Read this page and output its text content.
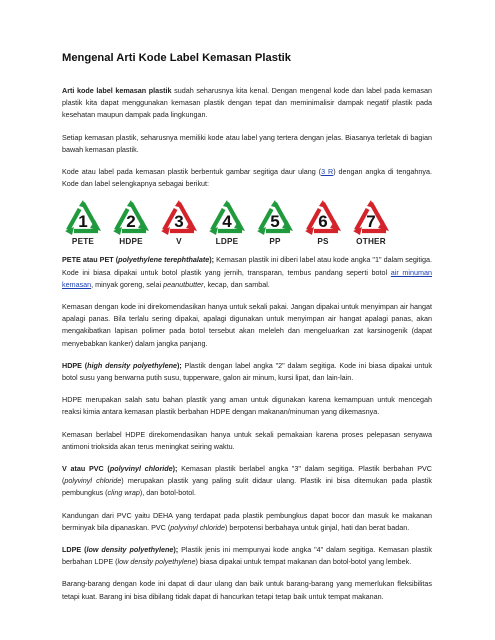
Mengenal Arti Kode Label Kemasan Plastik

Arti kode label kemasan plastik sudah seharusnya kita kenal. Dengan mengenal kode dan label pada kemasan plastik kita dapat menggunakan kemasan plastik dengan tepat dan meminimalisir dampak negatif plastik pada kesehatan maupun dampak pada lingkungan.

Setiap kemasan plastik, seharusnya memiliki kode atau label yang tertera dengan jelas. Biasanya terletak di bagian bawah kemasan plastik.

Kode atau label pada kemasan plastik berbentuk gambar segitiga daur ulang (3 R) dengan angka di tengahnya. Kode dan label selengkapnya sebagai berikut:

1
PETE
2
HDPE
3
V
4
LDPE
5
PP
6
PS
7
OTHER

PETE atau PET (polyethylene terephthalate); Kemasan plastik ini diberi label atau kode angka "1" dalam segitiga. Kode ini biasa dipakai untuk botol plastik yang jernih, transparan, tembus pandang seperti botol air minuman kemasan, minyak goreng, selai peanutbutter, kecap, dan sambal.

Kemasan dengan kode ini direkomendasikan hanya untuk sekali pakai. Jangan dipakai untuk menyimpan air hangat apalagi panas. Bila terlalu sering dipakai, apalagi digunakan untuk menyimpan air hangat apalagi panas, akan mengakibatkan lapisan polimer pada botol tersebut akan meleleh dan mengeluarkan zat karsinogenik (dapat menyebabkan kanker) dalam jangka panjang.

HDPE (high density polyethylene); Plastik dengan label angka "2" dalam segitiga. Kode ini biasa dipakai untuk botol susu yang berwarna putih susu, tupperware, galon air minum, kursi lipat, dan lain-lain.

HDPE merupakan salah satu bahan plastik yang aman untuk digunakan karena kemampuan untuk mencegah reaksi kimia antara kemasan plastik berbahan HDPE dengan makanan/minuman yang dikemasnya.

Kemasan berlabel HDPE direkomendasikan hanya untuk sekali pemakaian karena proses pelepasan senyawa antimoni trioksida akan terus meningkat seiring waktu.

V atau PVC (polyvinyl chloride); Kemasan plastik berlabel angka "3" dalam segitiga. Plastik berbahan PVC (polyvinyl chloride) merupakan plastik yang paling sulit didaur ulang. Plastik ini bisa ditemukan pada plastik pembungkus (cling wrap), dan botol-botol.

Kandungan dari PVC yaitu DEHA yang terdapat pada plastik pembungkus dapat bocor dan masuk ke makanan berminyak bila dipanaskan. PVC (polyvinyl chloride) berpotensi berbahaya untuk ginjal, hati dan berat badan.

LDPE (low density polyethylene); Plastik jenis ini mempunyai kode angka "4" dalam segitiga. Kemasan plastik berbahan LDPE (low density polyethylene) biasa dipakai untuk tempat makanan dan botol-botol yang lembek.

Barang-barang dengan kode ini dapat di daur ulang dan baik untuk barang-barang yang memerlukan fleksibilitas tetapi kuat. Barang ini bisa dibilang tidak dapat di hancurkan tetapi tetap baik untuk tempat makanan.
